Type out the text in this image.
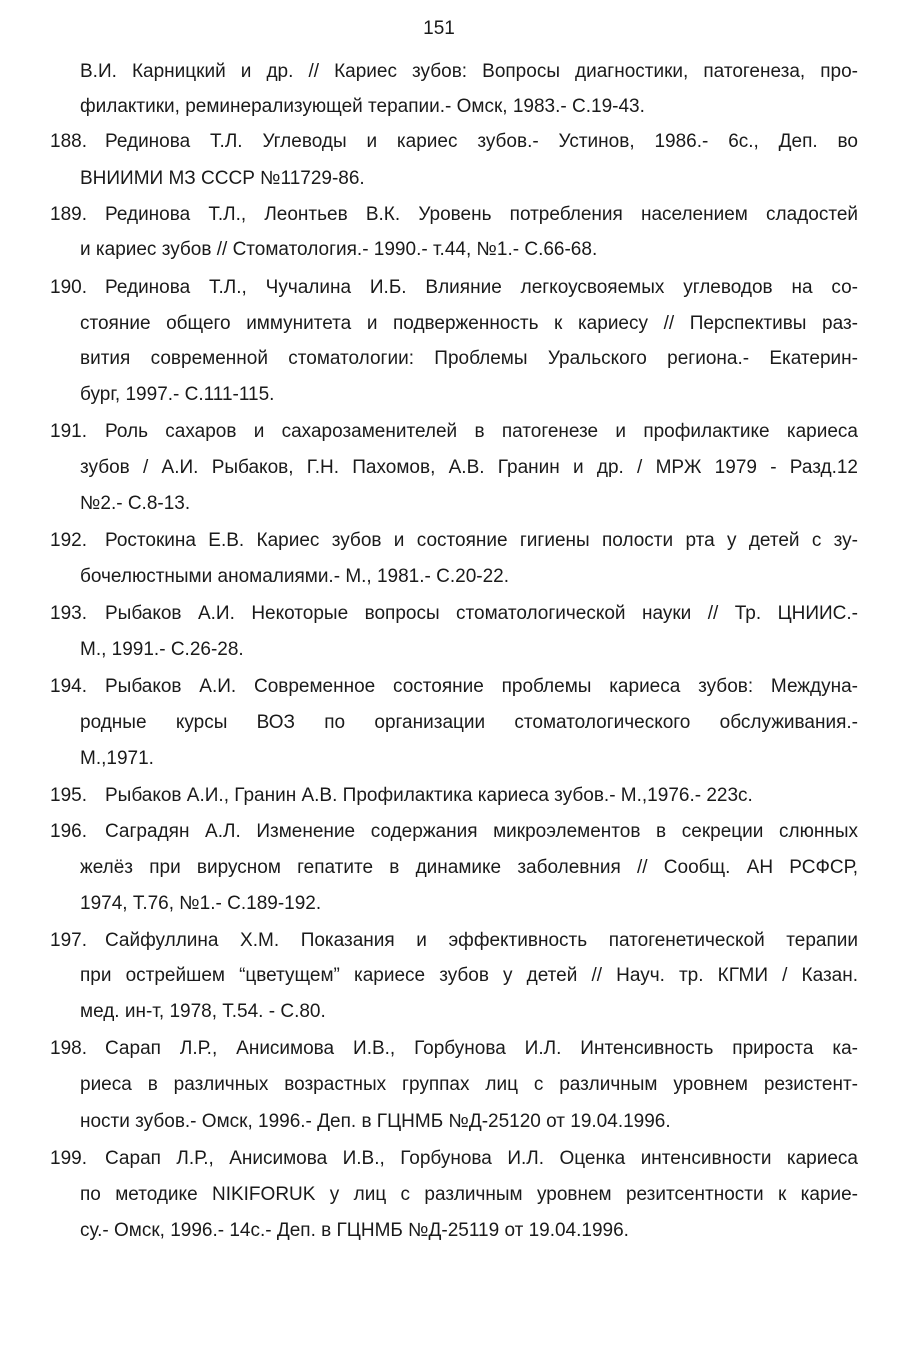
151
В.И. Карницкий и др. // Кариес зубов: Вопросы диагностики, патогенеза, про-
филактики, реминерализующей терапии.- Омск, 1983.- С.19-43.
188. Рединова Т.Л. Углеводы и кариес зубов.- Устинов, 1986.- 6с., Деп. во
ВНИИМИ МЗ СССР №11729-86.
189. Рединова Т.Л., Леонтьев В.К. Уровень потребления населением сладостей
и кариес зубов // Стоматология.- 1990.- т.44, №1.- С.66-68.
190. Рединова Т.Л., Чучалина И.Б. Влияние легкоусвояемых углеводов на со-
стояние общего иммунитета и подверженность к кариесу // Перспективы раз-
вития современной стоматологии: Проблемы Уральского региона.- Екатерин-
бург, 1997.- С.111-115.
191. Роль сахаров и сахарозаменителей в патогенезе и профилактике кариеса
зубов / А.И. Рыбаков, Г.Н. Пахомов, А.В. Гранин и др. / МРЖ 1979 - Разд.12
№2.- С.8-13.
192. Ростокина Е.В. Кариес зубов и состояние гигиены полости рта у детей с зу-
бочелюстными аномалиями.- М., 1981.- С.20-22.
193. Рыбаков А.И. Некоторые вопросы стоматологической науки // Тр. ЦНИИС.-
М., 1991.- С.26-28.
194. Рыбаков А.И. Современное состояние проблемы кариеса зубов: Междуна-
родные курсы ВОЗ по организации стоматологического обслуживания.-
М.,1971.
195. Рыбаков А.И., Гранин А.В. Профилактика кариеса зубов.- М.,1976.- 223с.
196. Саградян А.Л. Изменение содержания микроэлементов в секреции слюнных
желёз при вирусном гепатите в динамике заболевния // Сообщ. АН РСФСР,
1974, Т.76, №1.- С.189-192.
197. Сайфуллина Х.М. Показания и эффективность патогенетической терапии
при острейшем “цветущем” кариесе зубов у детей // Науч. тр. КГМИ / Казан.
мед. ин-т, 1978, Т.54. - С.80.
198. Сарап Л.Р., Анисимова И.В., Горбунова И.Л. Интенсивность прироста ка-
риеса в различных возрастных группах лиц с различным уровнем резистент-
ности зубов.- Омск, 1996.- Деп. в ГЦНМБ №Д-25120 от 19.04.1996.
199. Сарап Л.Р., Анисимова И.В., Горбунова И.Л. Оценка интенсивности кариеса
по методике NIKIFORUK у лиц с различным уровнем резитсентности к карие-
су.- Омск, 1996.- 14с.- Деп. в ГЦНМБ №Д-25119 от 19.04.1996.
